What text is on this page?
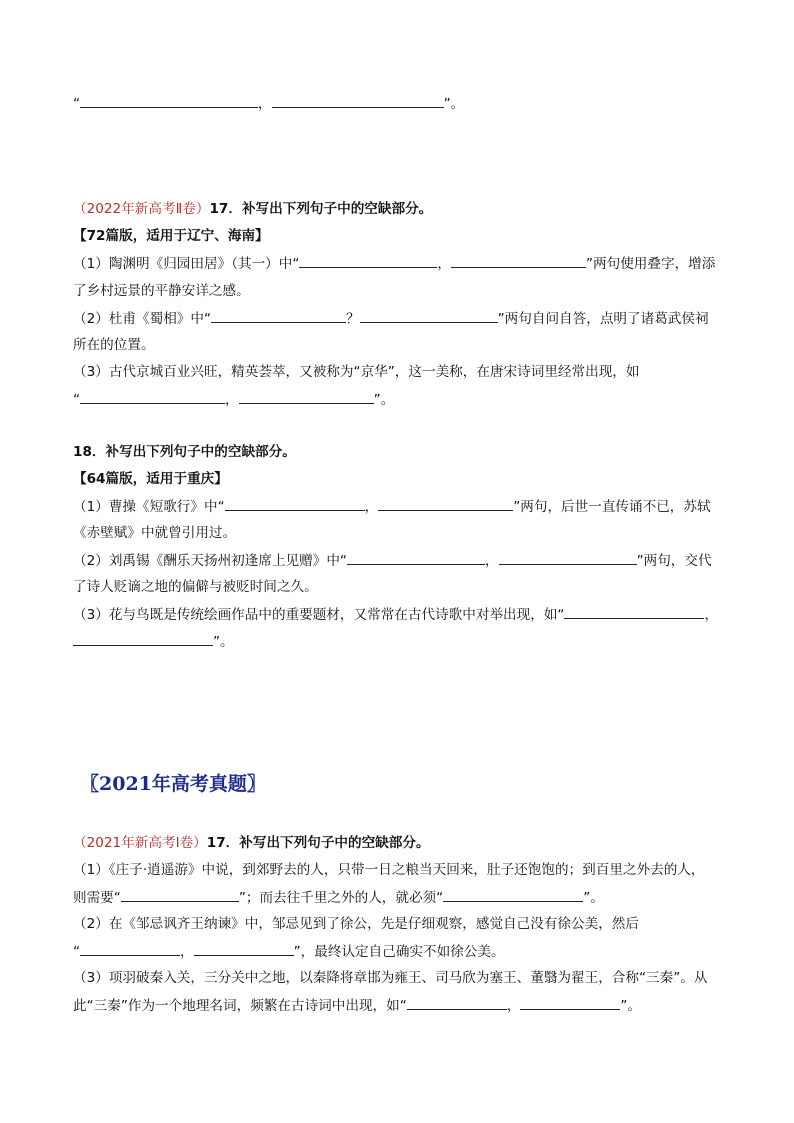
“	，	”。
（2022年新高考Ⅱ卷）17．补写出下列句子中的空缺部分。
【72篇版，适用于辽宁、海南】
（1）陶渊明《归园田居》（其一）中“	，	”两句使用叠字，增添
了乡村远景的平静安详之感。
（2）杜甫《蜀相》中“	？	”两句自问自答，点明了诸葛武侯祠
所在的位置。
（3）古代京城百业兴旺，精英荟萃，又被称为“京华”，这一美称，在唐宋诗词里经常出现，如
“	，	”。
18．补写出下列句子中的空缺部分。
【64篇版，适用于重庆】
（1）曹操《短歌行》中“	，	”两句，后世一直传诵不已，苏轼
《赤壁赋》中就曾引用过。
（2）刘禹锡《酬乐天扬州初逢席上见赠》中“	，	”两句，交代
了诗人贬谪之地的偏僻与被贬时间之久。
（3）花与鸟既是传统绘画作品中的重要题材，又常常在古代诗歌中对举出现，如“	，
”。
〖2021年高考真题〗
（2021年新高考Ⅰ卷）17．补写出下列句子中的空缺部分。
（1）《庄子·逍遥游》中说，到郊野去的人，只带一日之粮当天回来，肚子还饱饱的；到百里之外去的人，
则需要“	”；而去往千里之外的人，就必须“	”。
（2）在《邹忌讽齐王纳谏》中，邹忌见到了徐公，先是仔细观察，感觉自己没有徐公美，然后
“	，	”，最终认定自己确实不如徐公美。
（3）项羽破秦入关，三分关中之地，以秦降将章邯为雍王、司马欣为塞王、董翳为翟王，合称“三秦”。从
此“三秦”作为一个地理名词，频繁在古诗词中出现，如“	，	”。
